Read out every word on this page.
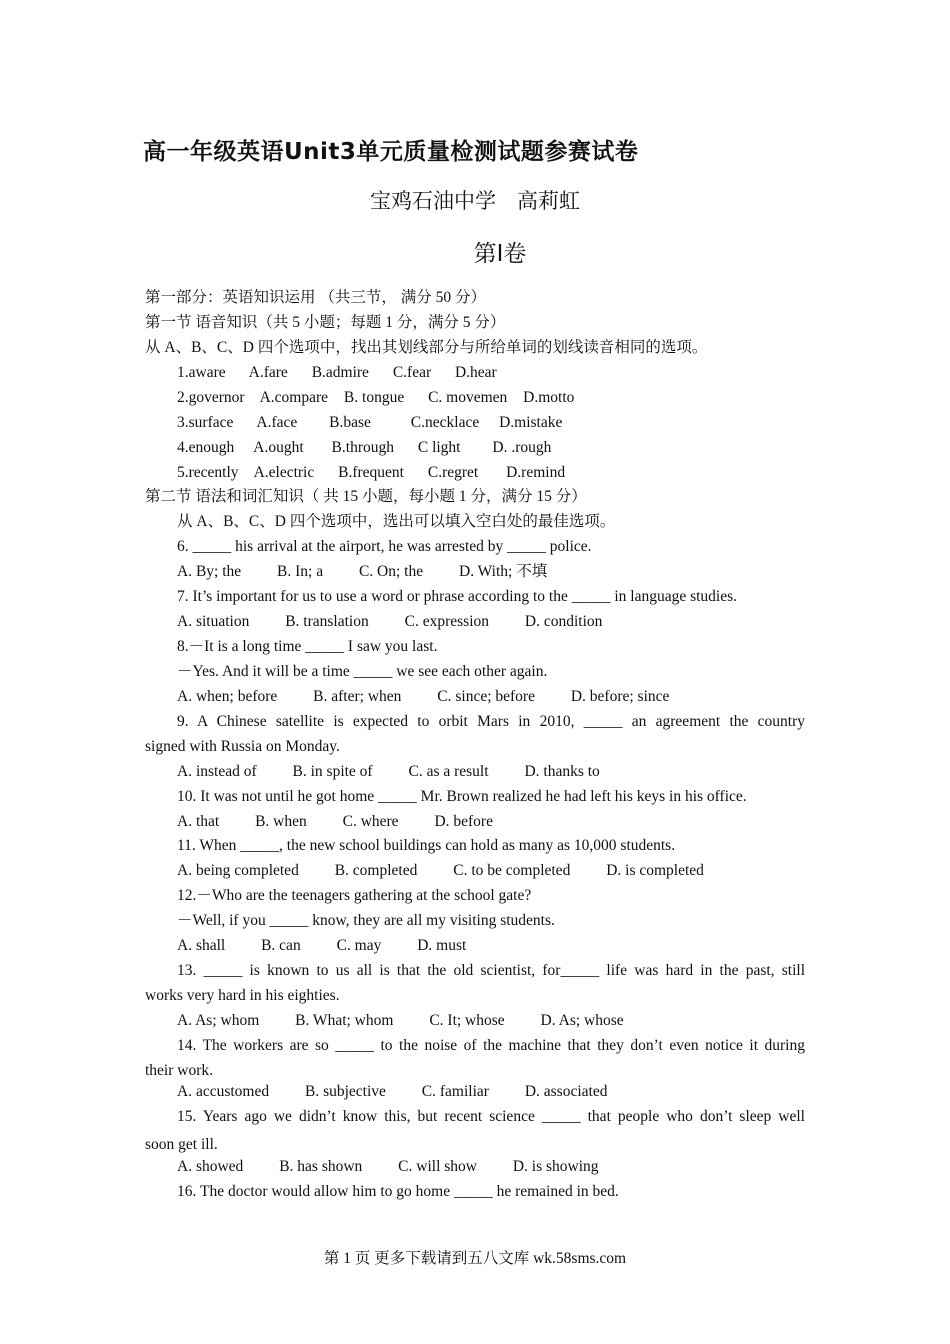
高一年级英语Unit3单元质量检测试题参赛试卷
宝鸡石油中学　高莉虹
第Ⅰ卷
第一部分：英语知识运用 （共三节， 满分 50 分）
第一节 语音知识（共 5 小题；每题 1 分，满分 5 分）
从 A、B、C、D 四个选项中，找出其划线部分与所给单词的划线读音相同的选项。
1.aware A.fare B.admire C.fear D.hear
2.governor A.compare B. tongue C. movemen D.motto
3.surface A.face B.base	C.necklace D.mistake
4.enough A.ought B.through C light D. .rough
5.recently A.electric B.frequent C.regret D.remind
第二节 语法和词汇知识（ 共 15 小题，每小题 1 分，满分 15 分）
从 A、B、C、D 四个选项中，选出可以填入空白处的最佳选项。
6. _____ his arrival at the airport, he was arrested by _____ police.
A. By; the B. In; a C. On; the D. With; 不填
7. It’s important for us to use a word or phrase according to the _____ in language studies.
A. situation B. translation C. expression D. condition
8.－It is a long time _____ I saw you last.
－Yes. And it will be a time _____ we see each other again.
A. when; before B. after; when C. since; before D. before; since
9. A Chinese satellite is expected to orbit Mars in 2010, _____ an agreement the country
signed with Russia on Monday.
A. instead of B. in spite of C. as a result D. thanks to
10. It was not until he got home _____ Mr. Brown realized he had left his keys in his office.
A. that B. when C. where D. before
11. When _____, the new school buildings can hold as many as 10,000 students.
A. being completed B. completed C. to be completed D. is completed
12.－Who are the teenagers gathering at the school gate?
－Well, if you _____ know, they are all my visiting students.
A. shall B. can C. may D. must
13. _____ is known to us all is that the old scientist, for_____ life was hard in the past, still
works very hard in his eighties.
A. As; whom B. What; whom C. It; whose D. As; whose
14. The workers are so _____ to the noise of the machine that they don’t even notice it during
their work.
A. accustomed B. subjective C. familiar D. associated
15. Years ago we didn’t know this, but recent science _____ that people who don’t sleep well
soon get ill.
A. showed B. has shown C. will show D. is showing
16. The doctor would allow him to go home _____ he remained in bed.
第 1 页 更多下载请到五八文库 wk.58sms.com
